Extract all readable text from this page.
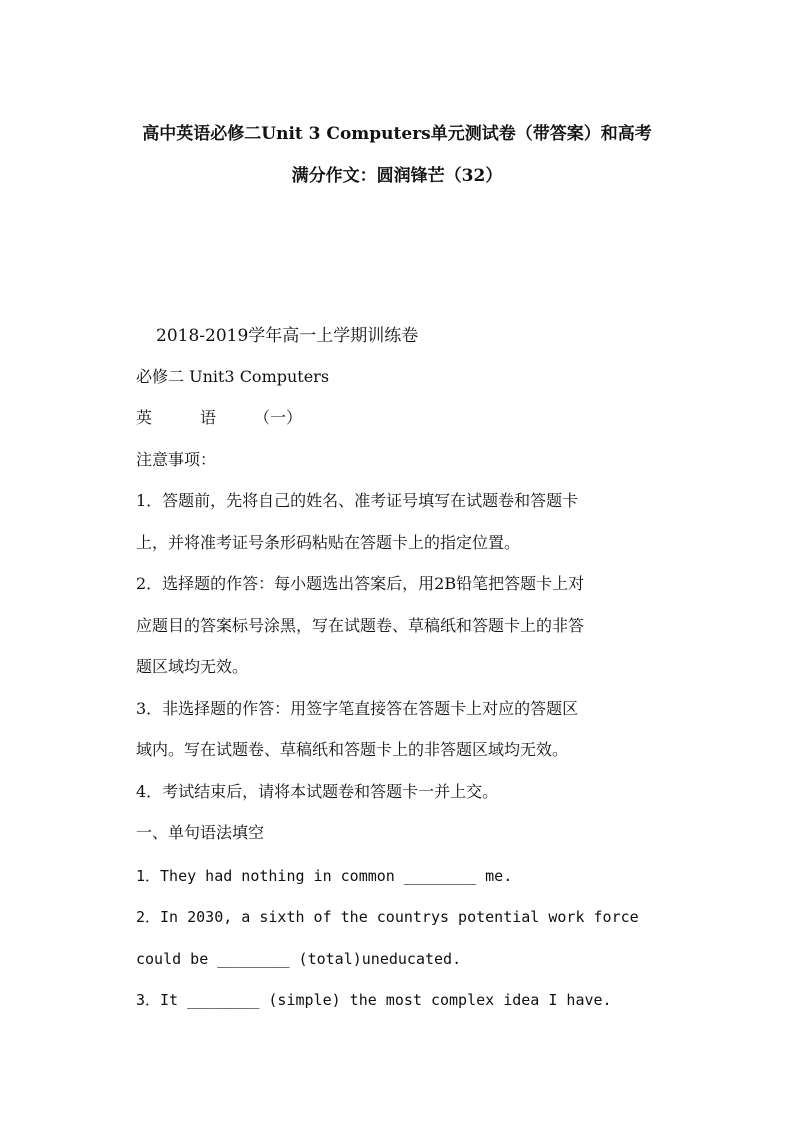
高中英语必修二Unit 3 Computers单元测试卷（带答案）和高考
满分作文：圆润锋芒（32）
2018-2019学年高一上学期训练卷
必修二 Unit3 Computers
英	语 （一）
注意事项：
1．答题前，先将自己的姓名、准考证号填写在试题卷和答题卡
上，并将准考证号条形码粘贴在答题卡上的指定位置。
2．选择题的作答：每小题选出答案后，用2B铅笔把答题卡上对
应题目的答案标号涂黑，写在试题卷、草稿纸和答题卡上的非答
题区域均无效。
3．非选择题的作答：用签字笔直接答在答题卡上对应的答题区
域内。写在试题卷、草稿纸和答题卡上的非答题区域均无效。
4．考试结束后，请将本试题卷和答题卡一并上交。
一、单句语法填空
1．They had nothing in common ________ me.
2．In 2030, a sixth of the countrys potential work force
could be ________ (total)uneducated.
3．It ________ (simple) the most complex idea I have.
